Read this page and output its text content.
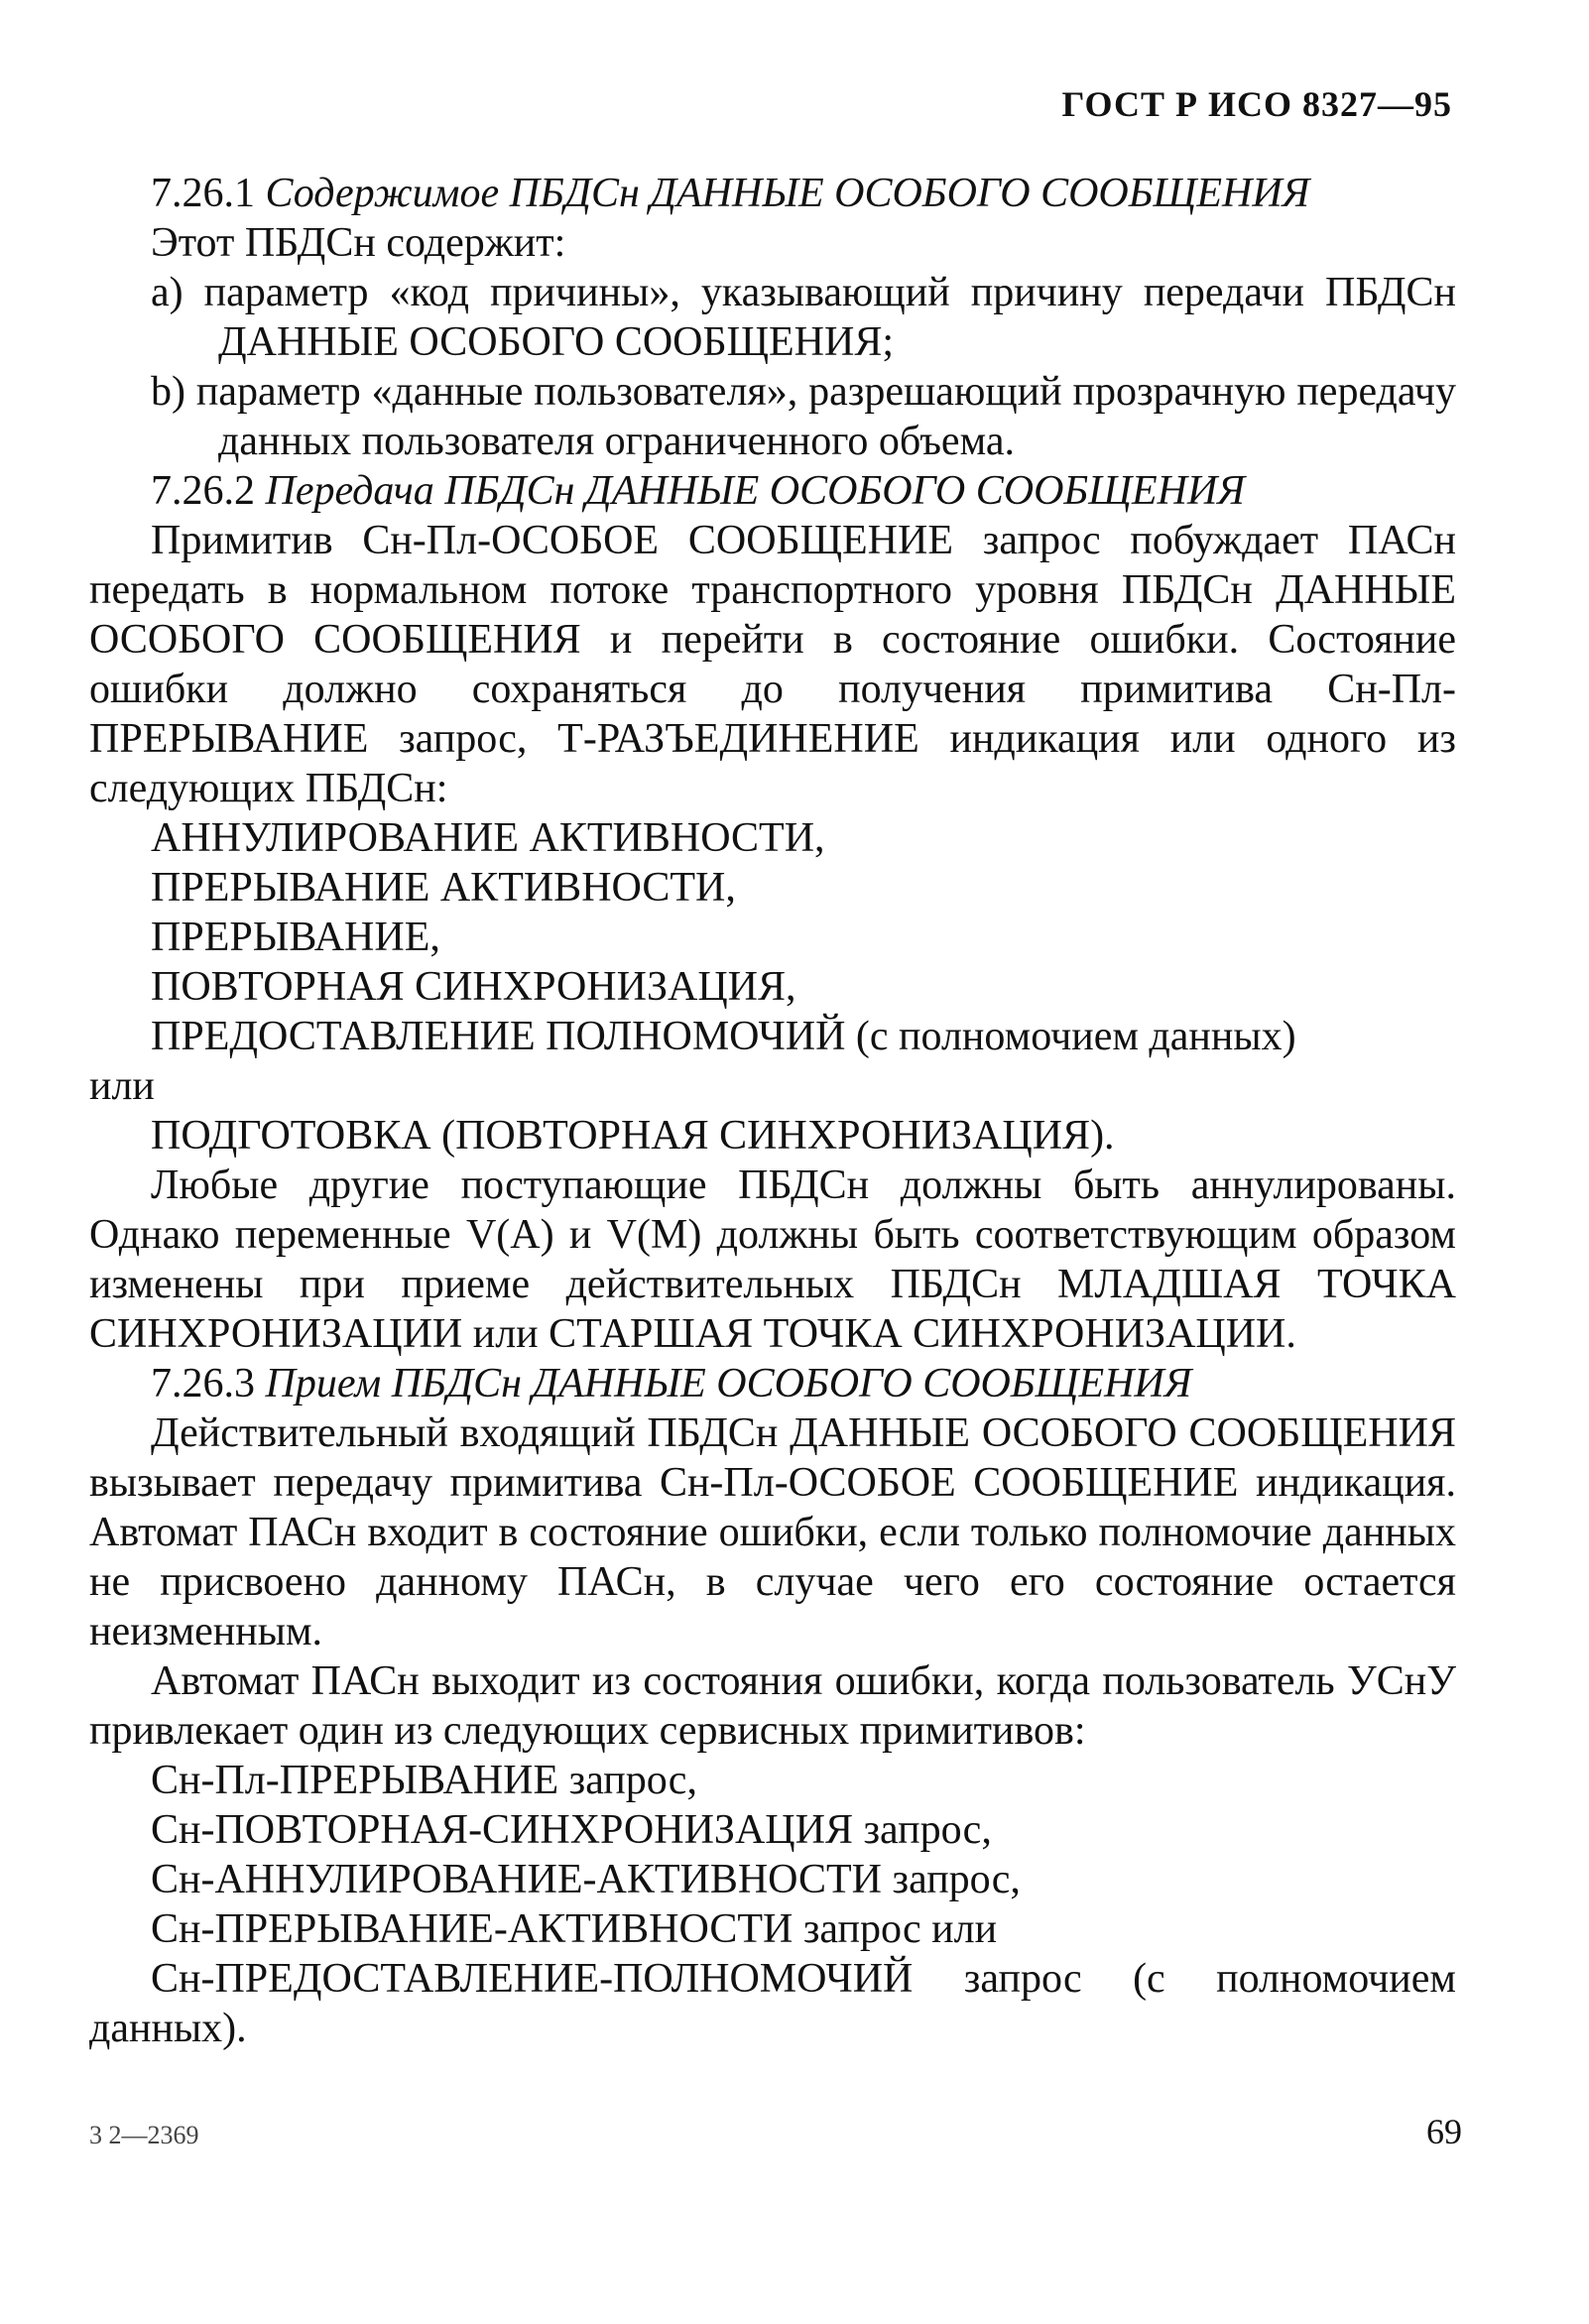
ГОСТ Р ИСО 8327—95

7.26.1 Содержимое ПБДСн ДАННЫЕ ОСОБОГО СООБЩЕНИЯ

Этот ПБДСн содержит:

а) параметр «код причины», указывающий причину передачи ПБДСн ДАННЫЕ ОСОБОГО СООБЩЕНИЯ;

b) параметр «данные пользователя», разрешающий прозрачную передачу данных пользователя ограниченного объема.

7.26.2 Передача ПБДСн ДАННЫЕ ОСОБОГО СООБЩЕНИЯ

Примитив Сн-Пл-ОСОБОЕ СООБЩЕНИЕ запрос побуждает ПАСн передать в нормальном потоке транспортного уровня ПБДСн ДАННЫЕ ОСОБОГО СООБЩЕНИЯ и перейти в состояние ошибки. Состояние ошибки должно сохраняться до получения примитива Сн-Пл-ПРЕРЫВАНИЕ запрос, Т-РАЗЪЕДИНЕНИЕ индикация или одного из следующих ПБДСн:

АННУЛИРОВАНИЕ АКТИВНОСТИ,

ПРЕРЫВАНИЕ АКТИВНОСТИ,

ПРЕРЫВАНИЕ,

ПОВТОРНАЯ СИНХРОНИЗАЦИЯ,

ПРЕДОСТАВЛЕНИЕ ПОЛНОМОЧИЙ (с полномочием данных)

или

ПОДГОТОВКА (ПОВТОРНАЯ СИНХРОНИЗАЦИЯ).

Любые другие поступающие ПБДСн должны быть аннулированы. Однако переменные V(A) и V(M) должны быть соответствующим образом изменены при приеме действительных ПБДСн МЛАДШАЯ ТОЧКА СИНХРОНИЗАЦИИ или СТАРШАЯ ТОЧКА СИНХРОНИЗАЦИИ.

7.26.3 Прием ПБДСн ДАННЫЕ ОСОБОГО СООБЩЕНИЯ

Действительный входящий ПБДСн ДАННЫЕ ОСОБОГО СООБЩЕНИЯ вызывает передачу примитива Сн-Пл-ОСОБОЕ СООБЩЕНИЕ индикация. Автомат ПАСн входит в состояние ошибки, если только полномочие данных не присвоено данному ПАСн, в случае чего его состояние остается неизменным.

Автомат ПАСн выходит из состояния ошибки, когда пользователь УСнУ привлекает один из следующих сервисных примитивов:

Сн-Пл-ПРЕРЫВАНИЕ запрос,

Сн-ПОВТОРНАЯ-СИНХРОНИЗАЦИЯ запрос,

Сн-АННУЛИРОВАНИЕ-АКТИВНОСТИ запрос,

Сн-ПРЕРЫВАНИЕ-АКТИВНОСТИ запрос или

Сн-ПРЕДОСТАВЛЕНИЕ-ПОЛНОМОЧИЙ запрос (с полномочием данных).

3 2—2369	69
